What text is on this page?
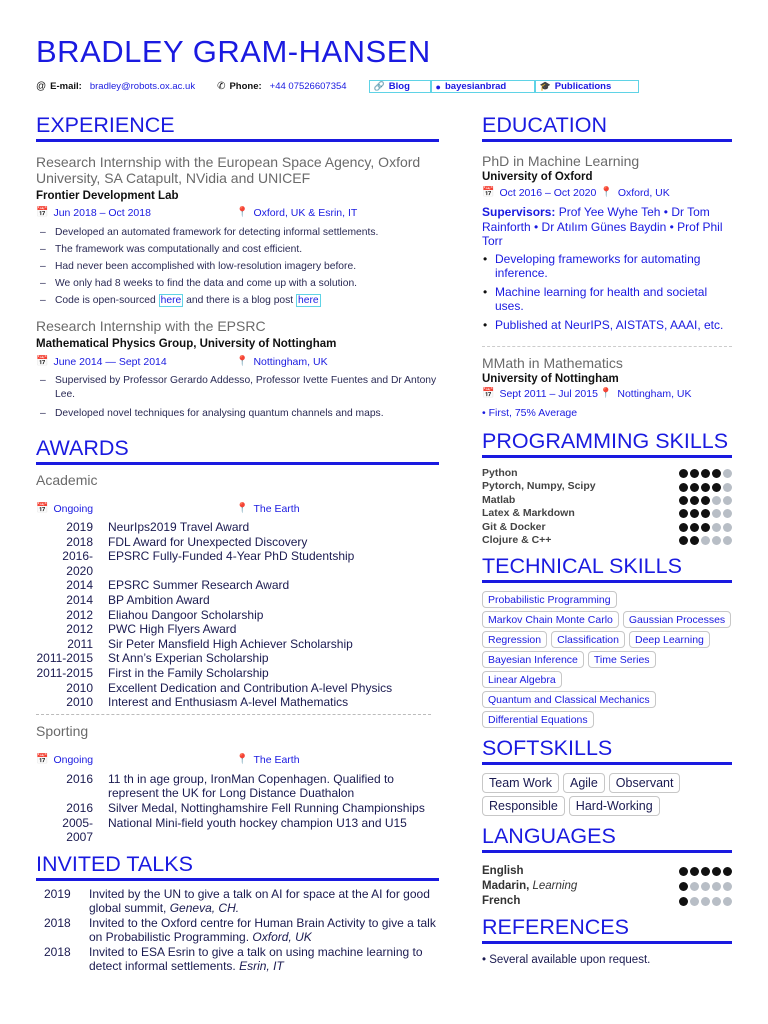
BRADLEY GRAM-HANSEN
@ E-mail: bradley@robots.ox.ac.uk ✆ Phone: +44 07526607354	🔗 Blog	● bayesianbrad	🎓 Publications
EXPERIENCE
Research Internship with the European Space Agency, Oxford University, SA Catapult, NVidia and UNICEF
Frontier Development Lab
📅 Jun 2018 – Oct 2018	📍 Oxford, UK & Esrin, IT
– Developed an automated framework for detecting informal settlements.
– The framework was computationally and cost efficient.
– Had never been accomplished with low-resolution imagery before.
– We only had 8 weeks to find the data and come up with a solution.
– Code is open-sourced here and there is a blog post here
Research Internship with the EPSRC
Mathematical Physics Group, University of Nottingham
📅 June 2014 — Sept 2014	📍 Nottingham, UK
– Supervised by Professor Gerardo Addesso, Professor Ivette Fuentes and Dr Antony Lee.
– Developed novel techniques for analysing quantum channels and maps.
AWARDS
Academic
📅 Ongoing	📍 The Earth
2019	NeurIps2019 Travel Award
2018	FDL Award for Unexpected Discovery
2016-2020	EPSRC Fully-Funded 4-Year PhD Studentship
2014	EPSRC Summer Research Award
2014	BP Ambition Award
2012	Eliahou Dangoor Scholarship
2012	PWC High Flyers Award
2011	Sir Peter Mansfield High Achiever Scholarship
2011-2015	St Ann’s Experian Scholarship
2011-2015	First in the Family Scholarship
2010	Excellent Dedication and Contribution A-level Physics
2010	Interest and Enthusiasm A-level Mathematics
Sporting
📅 Ongoing	📍 The Earth
2016	11 th in age group, IronMan Copenhagen. Qualified to represent the UK for Long Distance Duathalon
2016	Silver Medal, Nottinghamshire Fell Running Championships
2005-2007	National Mini-field youth hockey champion U13 and U15
INVITED TALKS
2019	Invited by the UN to give a talk on AI for space at the AI for good global summit, Geneva, CH.
2018	Invited to the Oxford centre for Human Brain Activity to give a talk on Probabilistic Programming. Oxford, UK
2018	Invited to ESA Esrin to give a talk on using machine learning to detect informal settlements. Esrin, IT
EDUCATION
PhD in Machine Learning
University of Oxford
📅 Oct 2016 – Oct 2020 📍 Oxford, UK
Supervisors: Prof Yee Wyhe Teh • Dr Tom Rainforth • Dr Atılım Günes Baydin • Prof Phil Torr
• Developing frameworks for automating inference.
• Machine learning for health and societal uses.
• Published at NeurIPS, AISTATS, AAAI, etc.
MMath in Mathematics
University of Nottingham
📅 Sept 2011 – Jul 2015 📍 Nottingham, UK
• First, 75% Average
PROGRAMMING SKILLS
Python
Pytorch, Numpy, Scipy
Matlab
Latex & Markdown
Git & Docker
Clojure & C++
TECHNICAL SKILLS
Probabilistic Programming
Markov Chain Monte Carlo	Gaussian Processes
Regression	Classification	Deep Learning
Bayesian Inference	Time Series
Linear Algebra
Quantum and Classical Mechanics
Differential Equations
SOFTSKILLS
Team Work	Agile	Observant
Responsible	Hard-Working
LANGUAGES
English
Madarin, Learning
French
REFERENCES
• Several available upon request.
